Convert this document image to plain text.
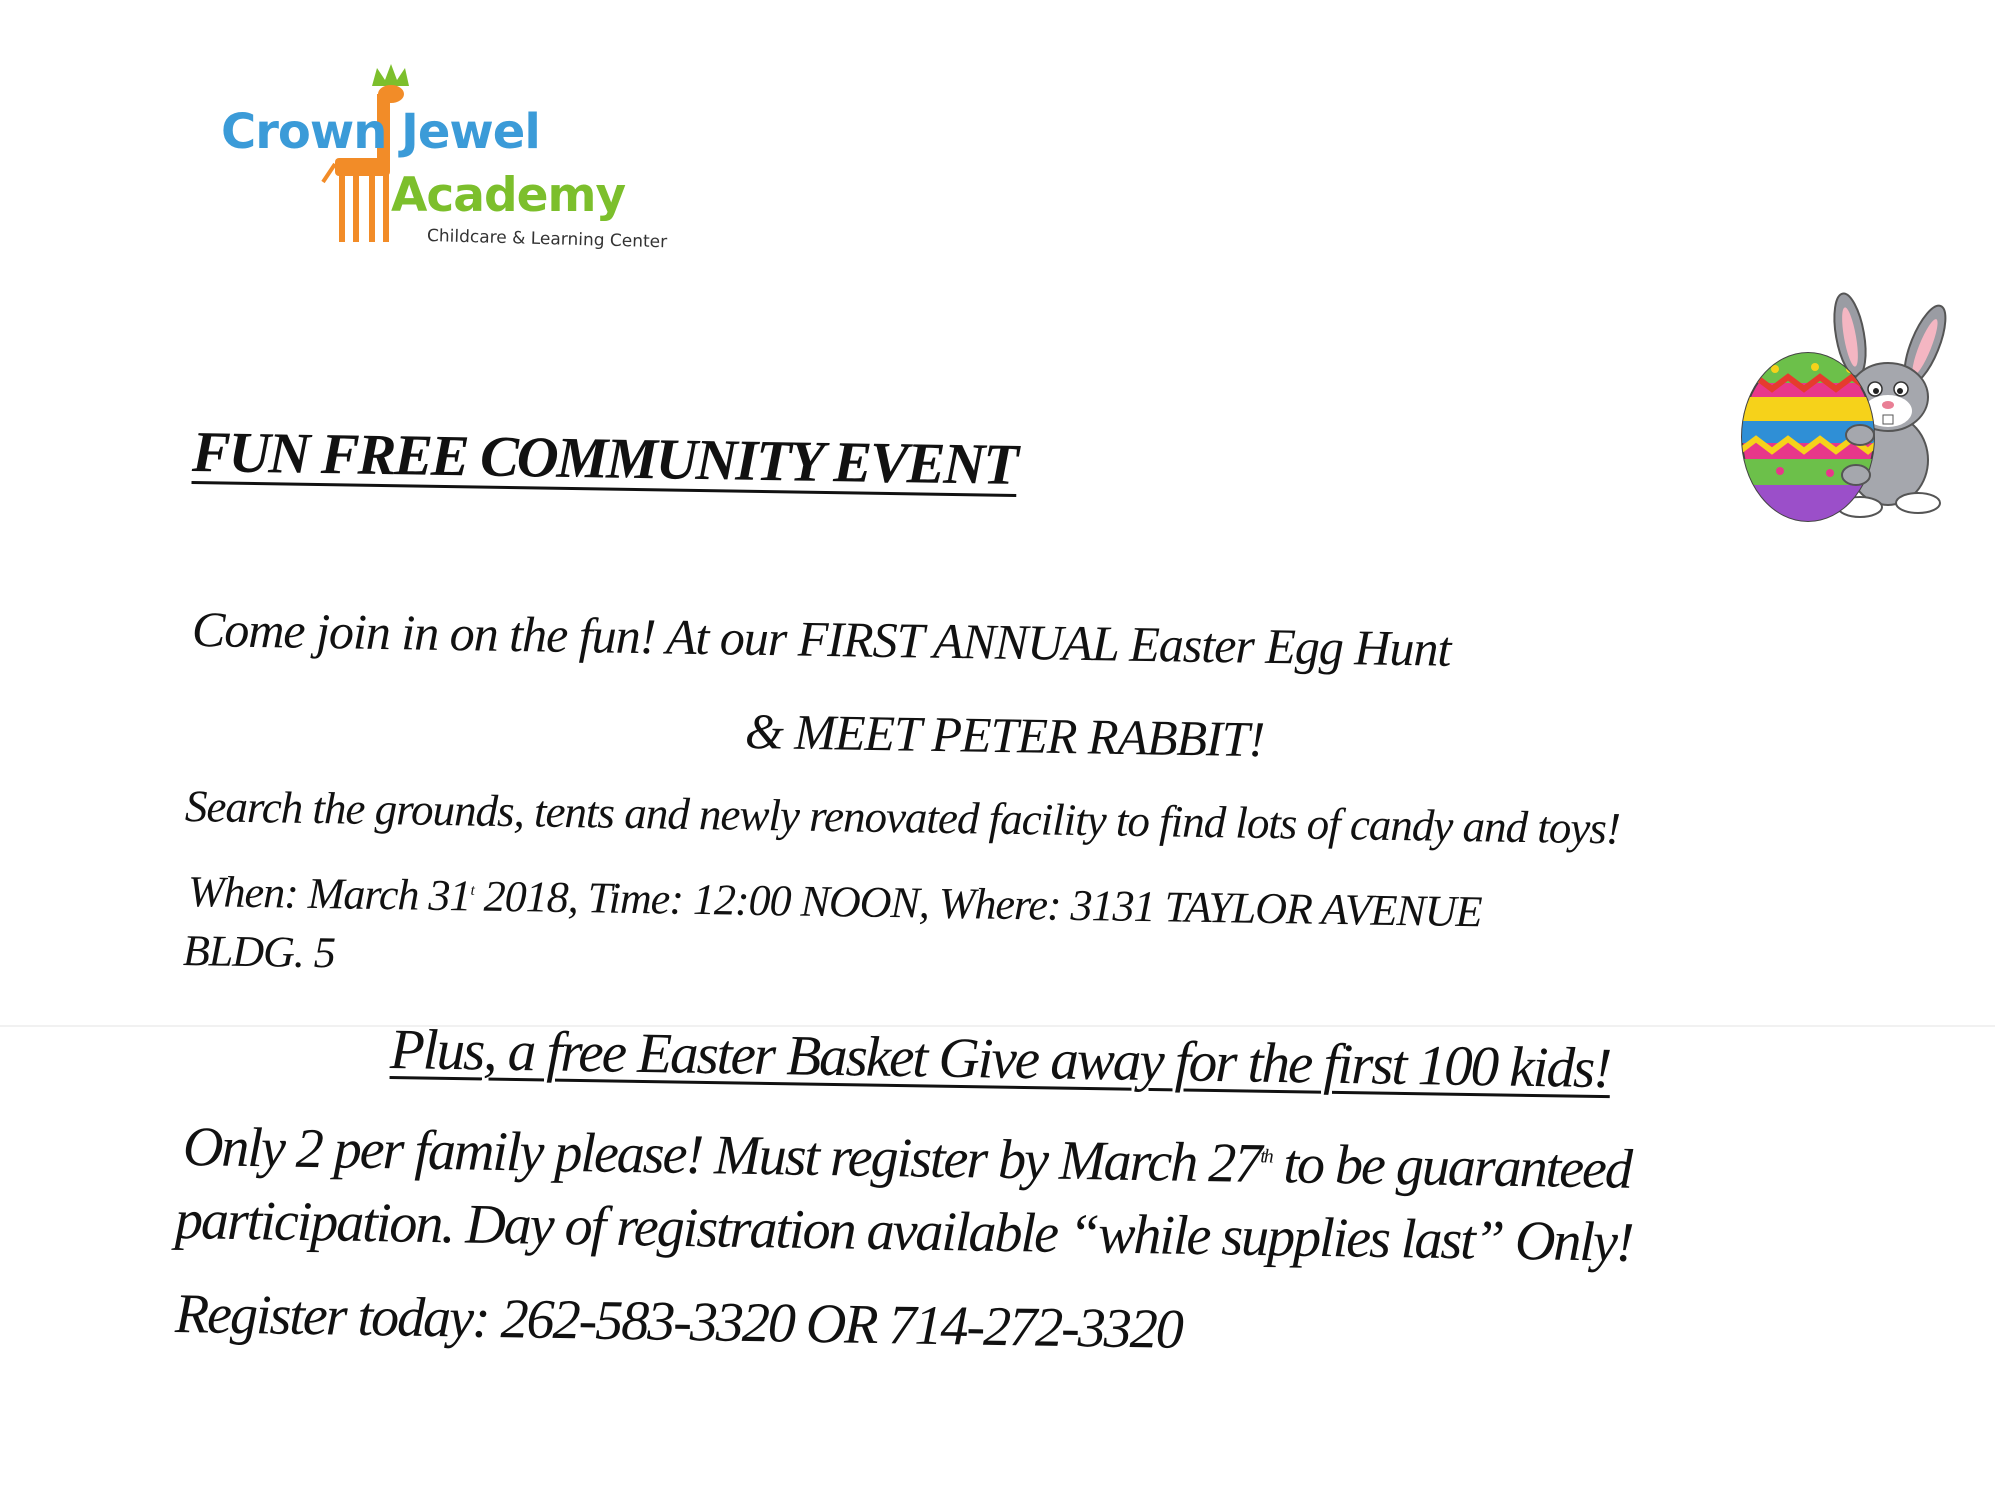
Crown Jewel
Academy
Childcare & Learning Center
FUN FREE COMMUNITY EVENT
Come join in on the fun! At our FIRST ANNUAL Easter Egg Hunt
& MEET PETER RABBIT!
Search the grounds, tents and newly renovated facility to find lots of candy and toys!
When: March 31$^t$ 2018, Time: 12:00 NOON, Where: 3131 TAYLOR AVENUE
BLDG. 5
Plus, a free Easter Basket Give away for the first 100 kids!
Only 2 per family please! Must register by March 27th to be guaranteed
participation. Day of registration available “while supplies last” Only!
Register today: 262-583-3320 OR 714-272-3320
